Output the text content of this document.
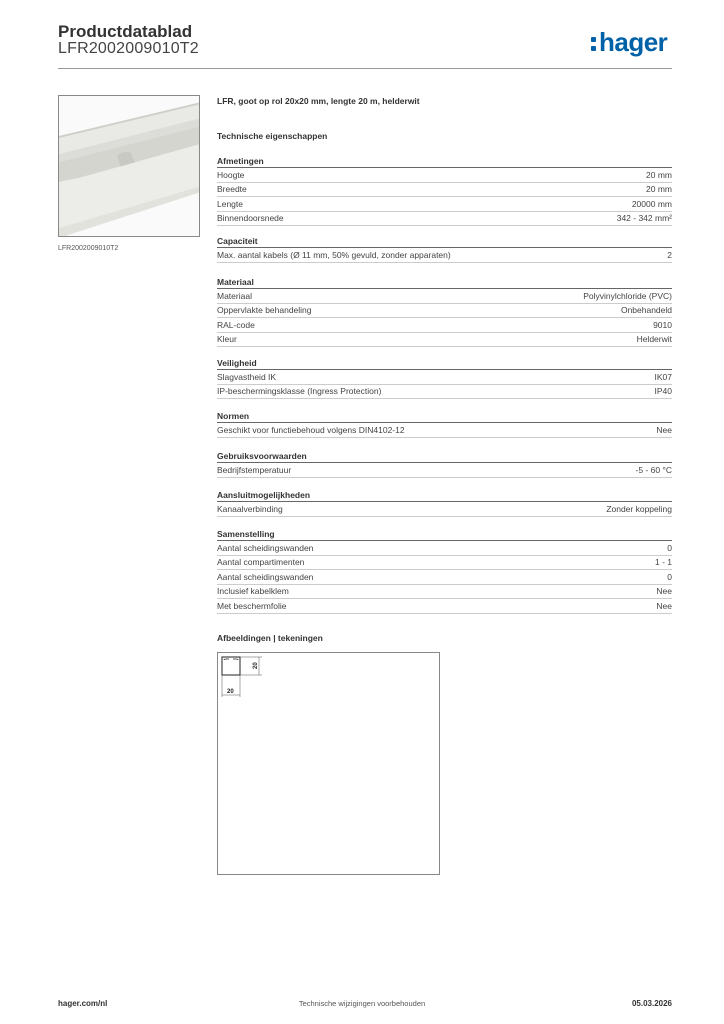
Productdatablad
LFR2002009010T2	hager
LFR2002009010T2
LFR, goot op rol 20x20 mm, lengte 20 m, helderwit
Technische eigenschappen
Afmetingen
Hoogte	20 mm
Breedte	20 mm
Lengte	20000 mm
Binnendoorsnede	342 - 342 mm²
Capaciteit
Max. aantal kabels (Ø 11 mm, 50% gevuld, zonder apparaten)	2
Materiaal
Materiaal	Polyvinylchloride (PVC)
Oppervlakte behandeling	Onbehandeld
RAL-code	9010
Kleur	Helderwit
Veiligheid
Slagvastheid IK	IK07
IP-beschermingsklasse (Ingress Protection)	IP40
Normen
Geschikt voor functiebehoud volgens DIN4102-12	Nee
Gebruiksvoorwaarden
Bedrijfstemperatuur	-5 - 60 °C
Aansluitmogelijkheden
Kanaalverbinding	Zonder koppeling
Samenstelling
Aantal scheidingswanden	0
Aantal compartimenten	1 - 1
Aantal scheidingswanden	0
Inclusief kabelklem	Nee
Met beschermfolie	Nee
Afbeeldingen | tekeningen
20
20
hager.com/nl	Technische wijzigingen voorbehouden	05.03.2026
